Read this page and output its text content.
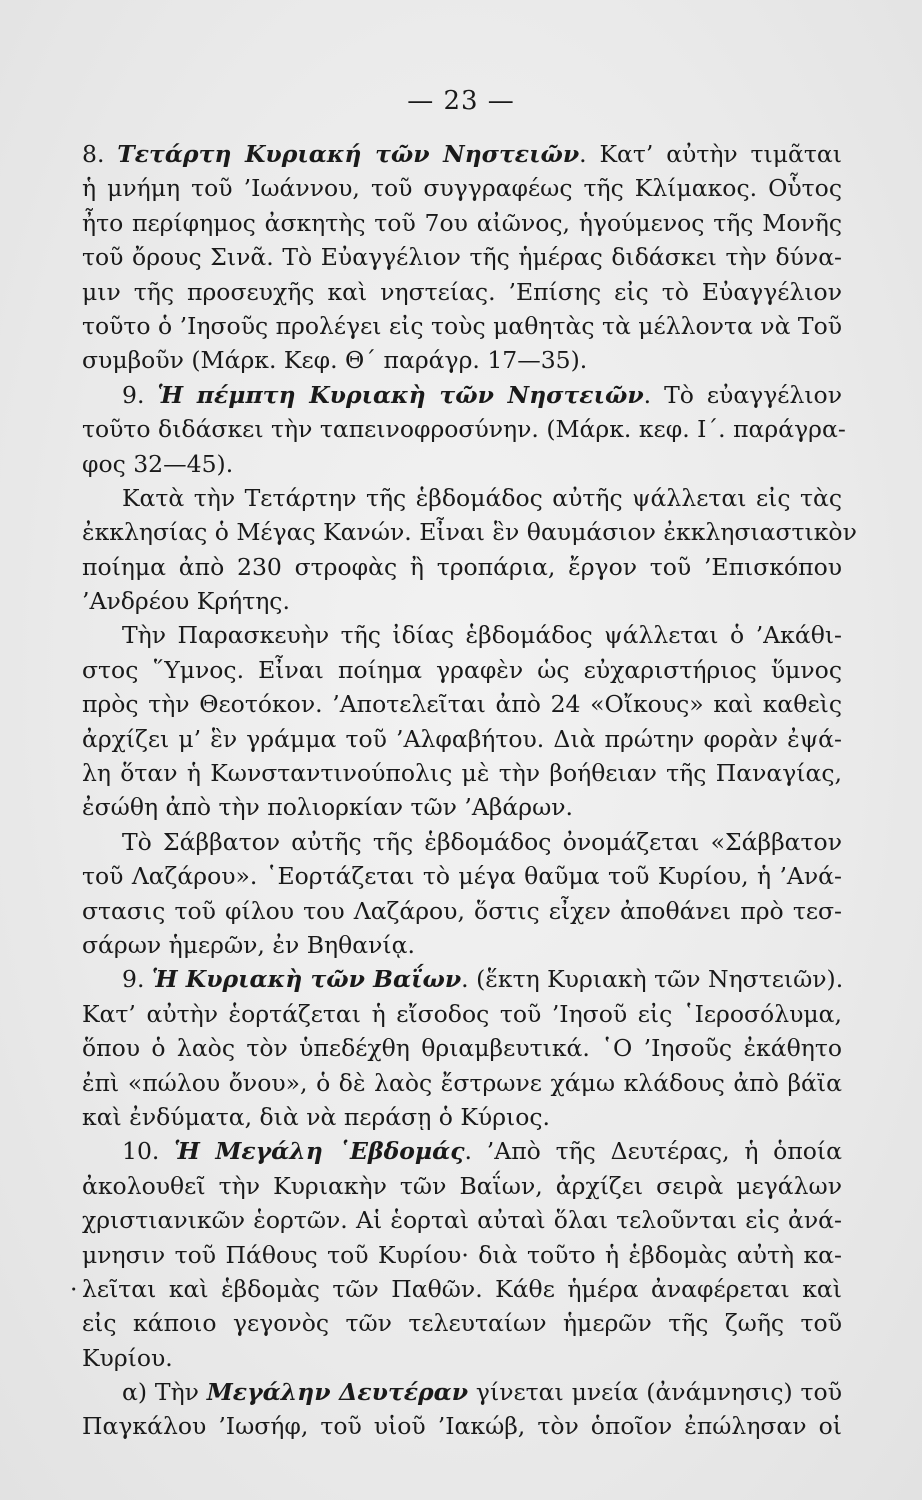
— 23 —
8. Τετάρτη Κυριακή τῶν Νηστειῶν. Κατ’ αὐτὴν τιμᾶται
ἡ μνήμη τοῦ ’Ιωάννου, τοῦ συγγραφέως τῆς Κλίμακος. Οὗτος
ἦτο περίφημος ἀσκητὴς τοῦ 7ου αἰῶνος, ἡγούμενος τῆς Μονῆς
τοῦ ὄρους Σινᾶ. Τὸ Εὐαγγέλιον τῆς ἡμέρας διδάσκει τὴν δύνα-
μιν τῆς προσευχῆς καὶ νηστείας. ’Επίσης εἰς τὸ Εὐαγγέλιον
τοῦτο ὁ ’Ιησοῦς προλέγει εἰς τοὺς μαθητὰς τὰ μέλλοντα νὰ Τοῦ
συμβοῦν (Μάρκ. Κεφ. Θ΄ παράγρ. 17—35).
9. Ἡ πέμπτη Κυριακὴ τῶν Νηστειῶν. Τὸ εὐαγγέλιον
τοῦτο διδάσκει τὴν ταπεινοφροσύνην. (Μάρκ. κεφ. Ι΄. παράγρα-
φος 32—45).
Κατὰ τὴν Τετάρτην τῆς ἑβδομάδος αὐτῆς ψάλλεται εἰς τὰς
ἐκκλησίας ὁ Μέγας Κανών. Εἶναι ἓν θαυμάσιον ἐκκλησιαστικὸν
ποίημα ἀπὸ 230 στροφὰς ἢ τροπάρια, ἔργον τοῦ ’Επισκόπου
’Ανδρέου Κρήτης.
Τὴν Παρασκευὴν τῆς ἰδίας ἑβδομάδος ψάλλεται ὁ ’Ακάθι-
στος ῞Υμνος. Εἶναι ποίημα γραφὲν ὡς εὐχαριστήριος ὕμνος
πρὸς τὴν Θεοτόκον. ’Αποτελεῖται ἀπὸ 24 «Οἴκους» καὶ καθεὶς
ἀρχίζει μ’ ἓν γράμμα τοῦ ’Αλφαβήτου. Διὰ πρώτην φορὰν ἐψά-
λη ὅταν ἡ Κωνσταντινούπολις μὲ τὴν βοήθειαν τῆς Παναγίας,
ἐσώθη ἀπὸ τὴν πολιορκίαν τῶν ’Αβάρων.
Τὸ Σάββατον αὐτῆς τῆς ἑβδομάδος ὀνομάζεται «Σάββατον
τοῦ Λαζάρου». ῾Εορτάζεται τὸ μέγα θαῦμα τοῦ Κυρίου, ἡ ’Ανά-
στασις τοῦ φίλου του Λαζάρου, ὅστις εἶχεν ἀποθάνει πρὸ τεσ-
σάρων ἡμερῶν, ἐν Βηθανίᾳ.
9. Ἡ Κυριακὴ τῶν Βαΐων. (ἕκτη Κυριακὴ τῶν Νηστειῶν).
Κατ’ αὐτὴν ἑορτάζεται ἡ εἴσοδος τοῦ ’Ιησοῦ εἰς ῾Ιεροσόλυμα,
ὅπου ὁ λαὸς τὸν ὑπεδέχθη θριαμβευτικά. ῾Ο ’Ιησοῦς ἐκάθητο
ἐπὶ «πώλου ὄνου», ὁ δὲ λαὸς ἔστρωνε χάμω κλάδους ἀπὸ βάϊα
καὶ ἐνδύματα, διὰ νὰ περάσῃ ὁ Κύριος.
10. Ἡ Μεγάλη ῾Εβδομάς. ’Απὸ τῆς Δευτέρας, ἡ ὁποία
ἀκολουθεῖ τὴν Κυριακὴν τῶν Βαΐων, ἀρχίζει σειρὰ μεγάλων
χριστιανικῶν ἑορτῶν. Αἱ ἑορταὶ αὐταὶ ὅλαι τελοῦνται εἰς ἀνά-
μνησιν τοῦ Πάθους τοῦ Κυρίου· διὰ τοῦτο ἡ ἑβδομὰς αὐτὴ κα-
· λεῖται καὶ ἑβδομὰς τῶν Παθῶν. Κάθε ἡμέρα ἀναφέρεται καὶ
εἰς κάποιο γεγονὸς τῶν τελευταίων ἡμερῶν τῆς ζωῆς τοῦ
Κυρίου.
α) Τὴν Μεγάλην Δευτέραν γίνεται μνεία (ἀνάμνησις) τοῦ
Παγκάλου ’Ιωσήφ, τοῦ υἱοῦ ’Ιακώβ, τὸν ὁποῖον ἐπώλησαν οἱ
